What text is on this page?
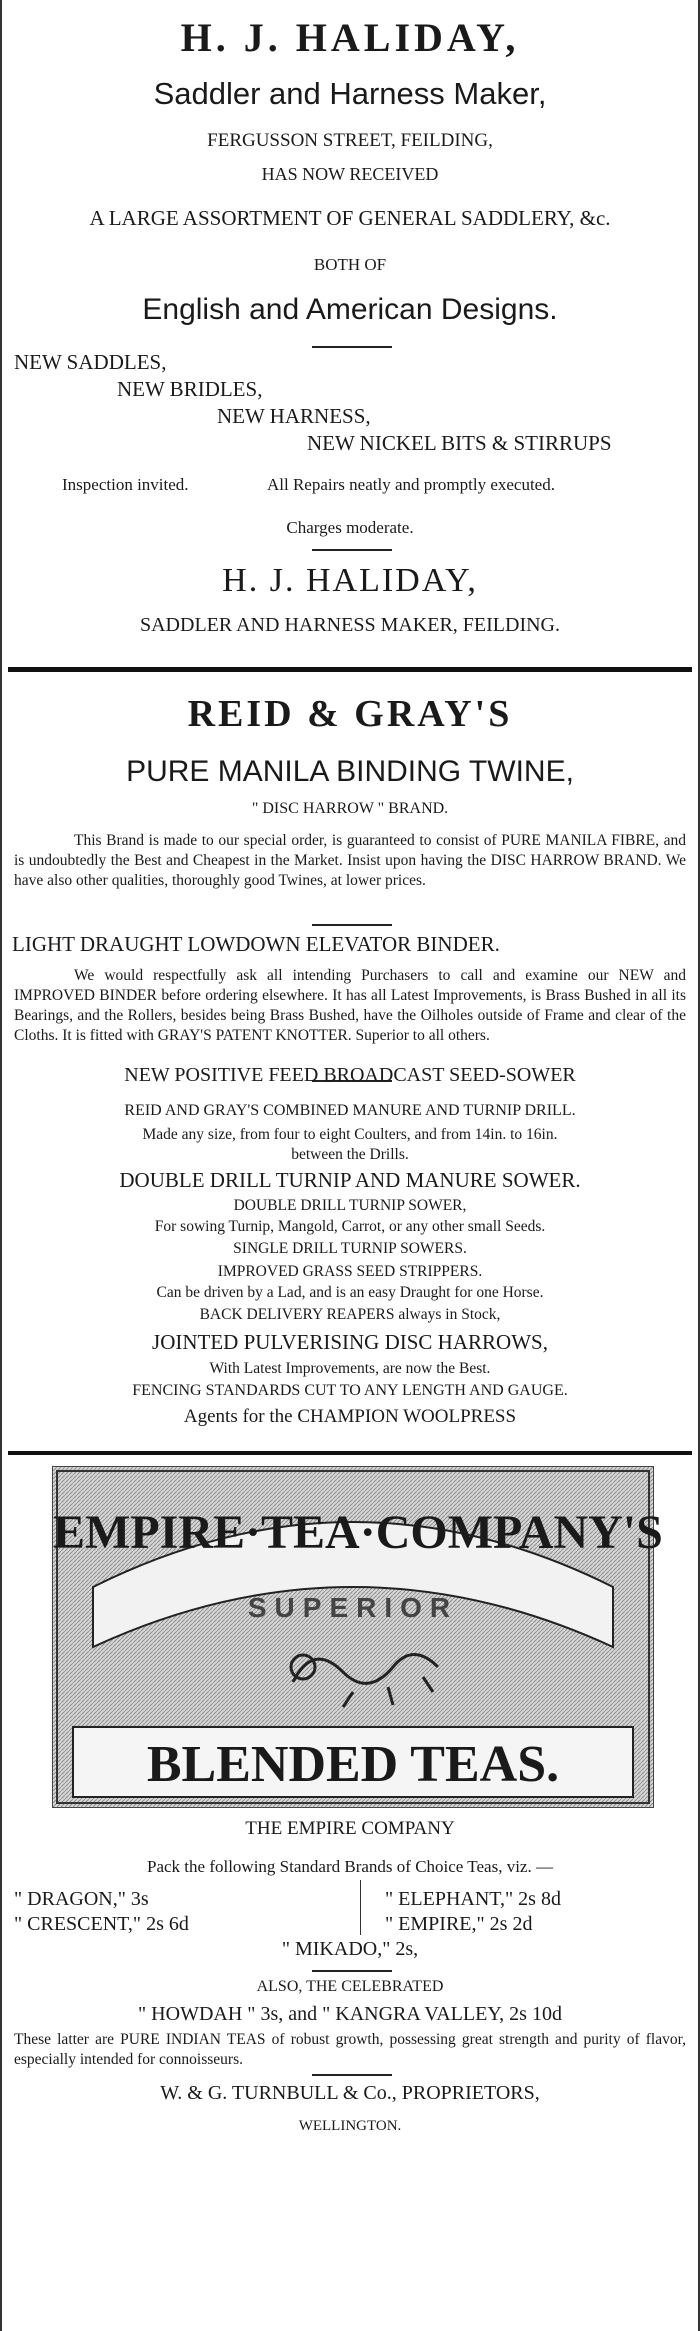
H. J. HALIDAY,
Saddler and Harness Maker,
FERGUSSON STREET, FEILDING,
HAS NOW RECEIVED
A LARGE ASSORTMENT OF GENERAL SADDLERY, &c.
BOTH OF
English and American Designs.
NEW SADDLES,
NEW BRIDLES,
NEW HARNESS,
NEW NICKEL BITS & STIRRUPS
Inspection invited.	All Repairs neatly and promptly executed.
Charges moderate.
H. J. HALIDAY,
SADDLER AND HARNESS MAKER, FEILDING.
REID & GRAY'S
PURE MANILA BINDING TWINE,
" DISC HARROW " BRAND.
This Brand is made to our special order, is guaranteed to consist of PURE MANILA FIBRE, and is undoubtedly the Best and Cheapest in the Market. Insist upon having the DISC HARROW BRAND. We have also other qualities, thoroughly good Twines, at lower prices.
LIGHT DRAUGHT LOWDOWN ELEVATOR BINDER.
We would respectfully ask all intending Purchasers to call and examine our NEW and IMPROVED BINDER before ordering elsewhere. It has all Latest Improvements, is Brass Bushed in all its Bearings, and the Rollers, besides being Brass Bushed, have the Oilholes outside of Frame and clear of the Cloths. It is fitted with GRAY'S PATENT KNOTTER. Superior to all others.
NEW POSITIVE FEED BROADCAST SEED-SOWER
REID AND GRAY'S COMBINED MANURE AND TURNIP DRILL.
Made any size, from four to eight Coulters, and from 14in. to 16in.
between the Drills.
DOUBLE DRILL TURNIP AND MANURE SOWER.
DOUBLE DRILL TURNIP SOWER,
For sowing Turnip, Mangold, Carrot, or any other small Seeds.
SINGLE DRILL TURNIP SOWERS.
IMPROVED GRASS SEED STRIPPERS.
Can be driven by a Lad, and is an easy Draught for one Horse.
BACK DELIVERY REAPERS always in Stock,
JOINTED PULVERISING DISC HARROWS,
With Latest Improvements, are now the Best.
FENCING STANDARDS CUT TO ANY LENGTH AND GAUGE.
Agents for the CHAMPION WOOLPRESS
EMPIRE·TEA·COMPANY'S
SUPERIOR
BLENDED TEAS.
THE EMPIRE COMPANY
Pack the following Standard Brands of Choice Teas, viz. —
" DRAGON," 3s
" CRESCENT," 2s 6d
" ELEPHANT," 2s 8d
" EMPIRE," 2s 2d
" MIKADO," 2s,
ALSO, THE CELEBRATED
" HOWDAH " 3s, and " KANGRA VALLEY, 2s 10d
These latter are PURE INDIAN TEAS of robust growth, possessing great strength and purity of flavor, especially intended for connoisseurs.
W. & G. TURNBULL & Co., PROPRIETORS,
WELLINGTON.
